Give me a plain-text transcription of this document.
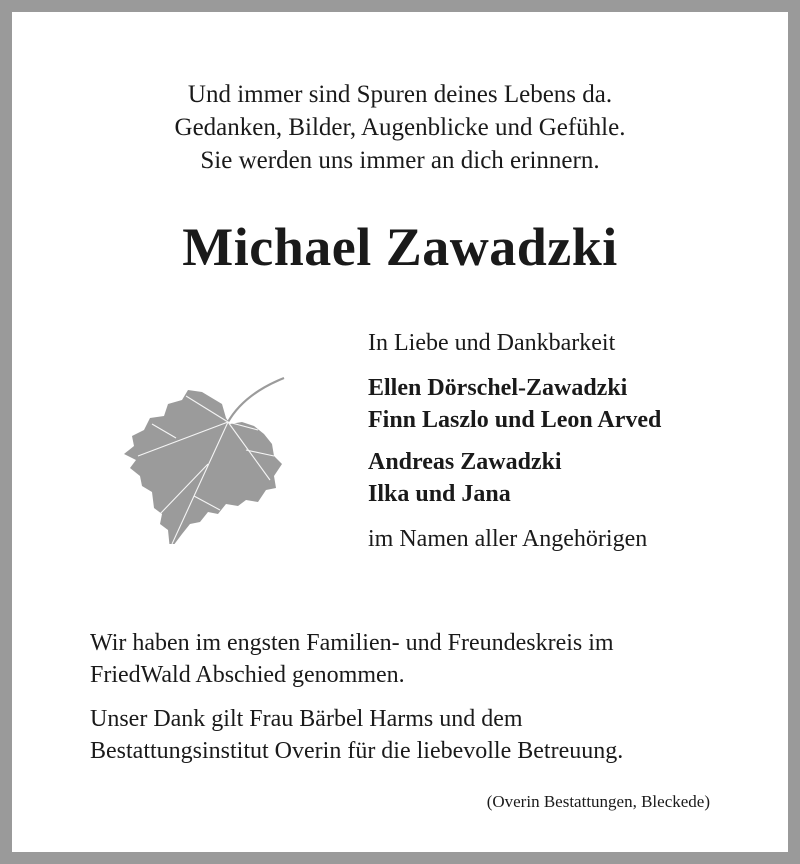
Und immer sind Spuren deines Lebens da.
Gedanken, Bilder, Augenblicke und Gefühle.
Sie werden uns immer an dich erinnern.
Michael Zawadzki
In Liebe und Dankbarkeit
Ellen Dörschel-Zawadzki
Finn Laszlo und Leon Arved
Andreas Zawadzki
Ilka und Jana
im Namen aller Angehörigen
Wir haben im engsten Familien- und Freundeskreis im
FriedWald Abschied genommen.
Unser Dank gilt Frau Bärbel Harms und dem
Bestattungsinstitut Overin für die liebevolle Betreuung.
(Overin Bestattungen, Bleckede)
